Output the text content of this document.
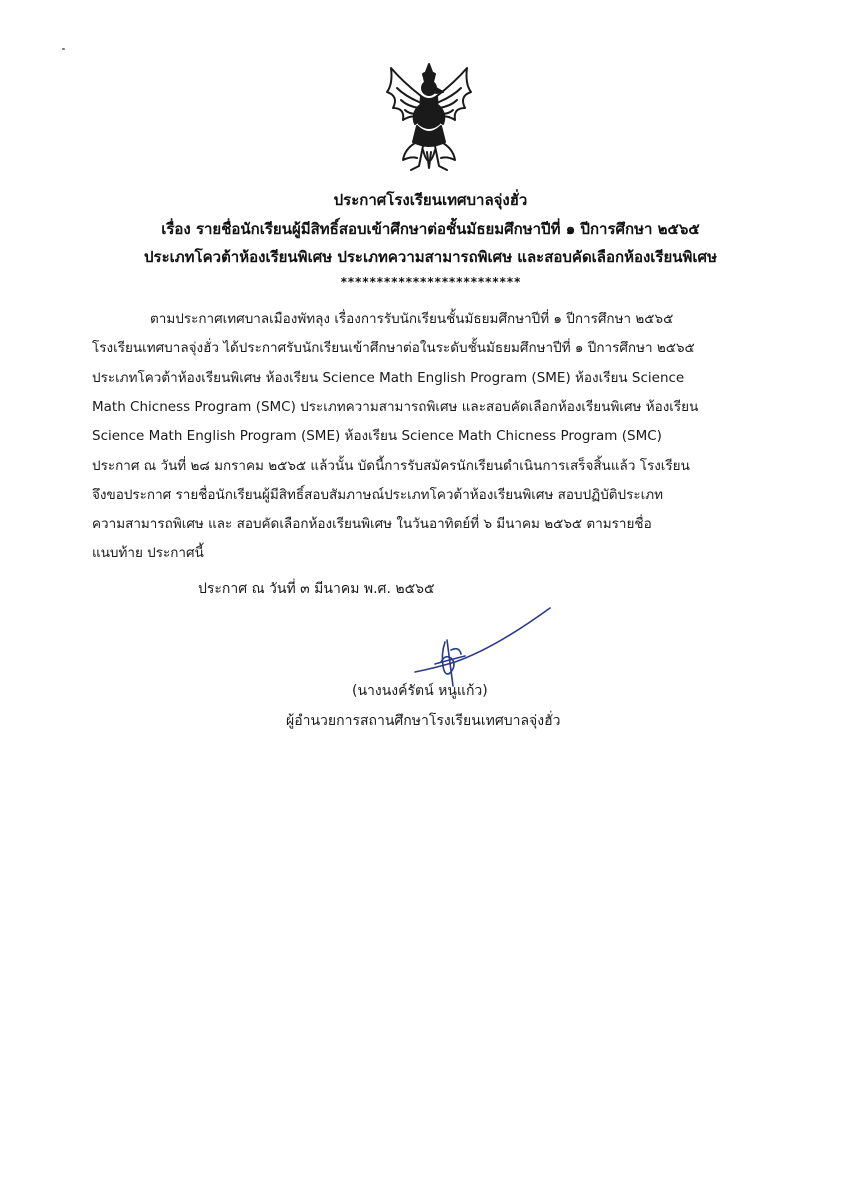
ประกาศโรงเรียนเทศบาลจุ่งฮั่ว
เรื่อง รายชื่อนักเรียนผู้มีสิทธิ์สอบเข้าศึกษาต่อชั้นมัธยมศึกษาปีที่ ๑ ปีการศึกษา ๒๕๖๕
ประเภทโควต้าห้องเรียนพิเศษ ประเภทความสามารถพิเศษ และสอบคัดเลือกห้องเรียนพิเศษ
*************************
ตามประกาศเทศบาลเมืองพัทลุง เรื่องการรับนักเรียนชั้นมัธยมศึกษาปีที่ ๑ ปีการศึกษา ๒๕๖๕
โรงเรียนเทศบาลจุ่งฮั่ว ได้ประกาศรับนักเรียนเข้าศึกษาต่อในระดับชั้นมัธยมศึกษาปีที่ ๑ ปีการศึกษา ๒๕๖๕
ประเภทโควต้าห้องเรียนพิเศษ ห้องเรียน Science Math English Program (SME) ห้องเรียน Science
Math Chicness Program (SMC) ประเภทความสามารถพิเศษ และสอบคัดเลือกห้องเรียนพิเศษ ห้องเรียน
Science Math English Program (SME) ห้องเรียน Science Math Chicness Program (SMC)
ประกาศ ณ วันที่ ๒๘ มกราคม ๒๕๖๕ แล้วนั้น บัดนี้การรับสมัครนักเรียนดำเนินการเสร็จสิ้นแล้ว โรงเรียน
จึงขอประกาศ รายชื่อนักเรียนผู้มีสิทธิ์สอบสัมภาษณ์ประเภทโควต้าห้องเรียนพิเศษ สอบปฏิบัติประเภท
ความสามารถพิเศษ และ สอบคัดเลือกห้องเรียนพิเศษ ในวันอาทิตย์ที่ ๖ มีนาคม ๒๕๖๕ ตามรายชื่อ
แนบท้าย ประกาศนี้
ประกาศ ณ วันที่ ๓ มีนาคม พ.ศ. ๒๕๖๕
(นางนงค์รัตน์ หนูแก้ว)
ผู้อำนวยการสถานศึกษาโรงเรียนเทศบาลจุ่งฮั่ว
